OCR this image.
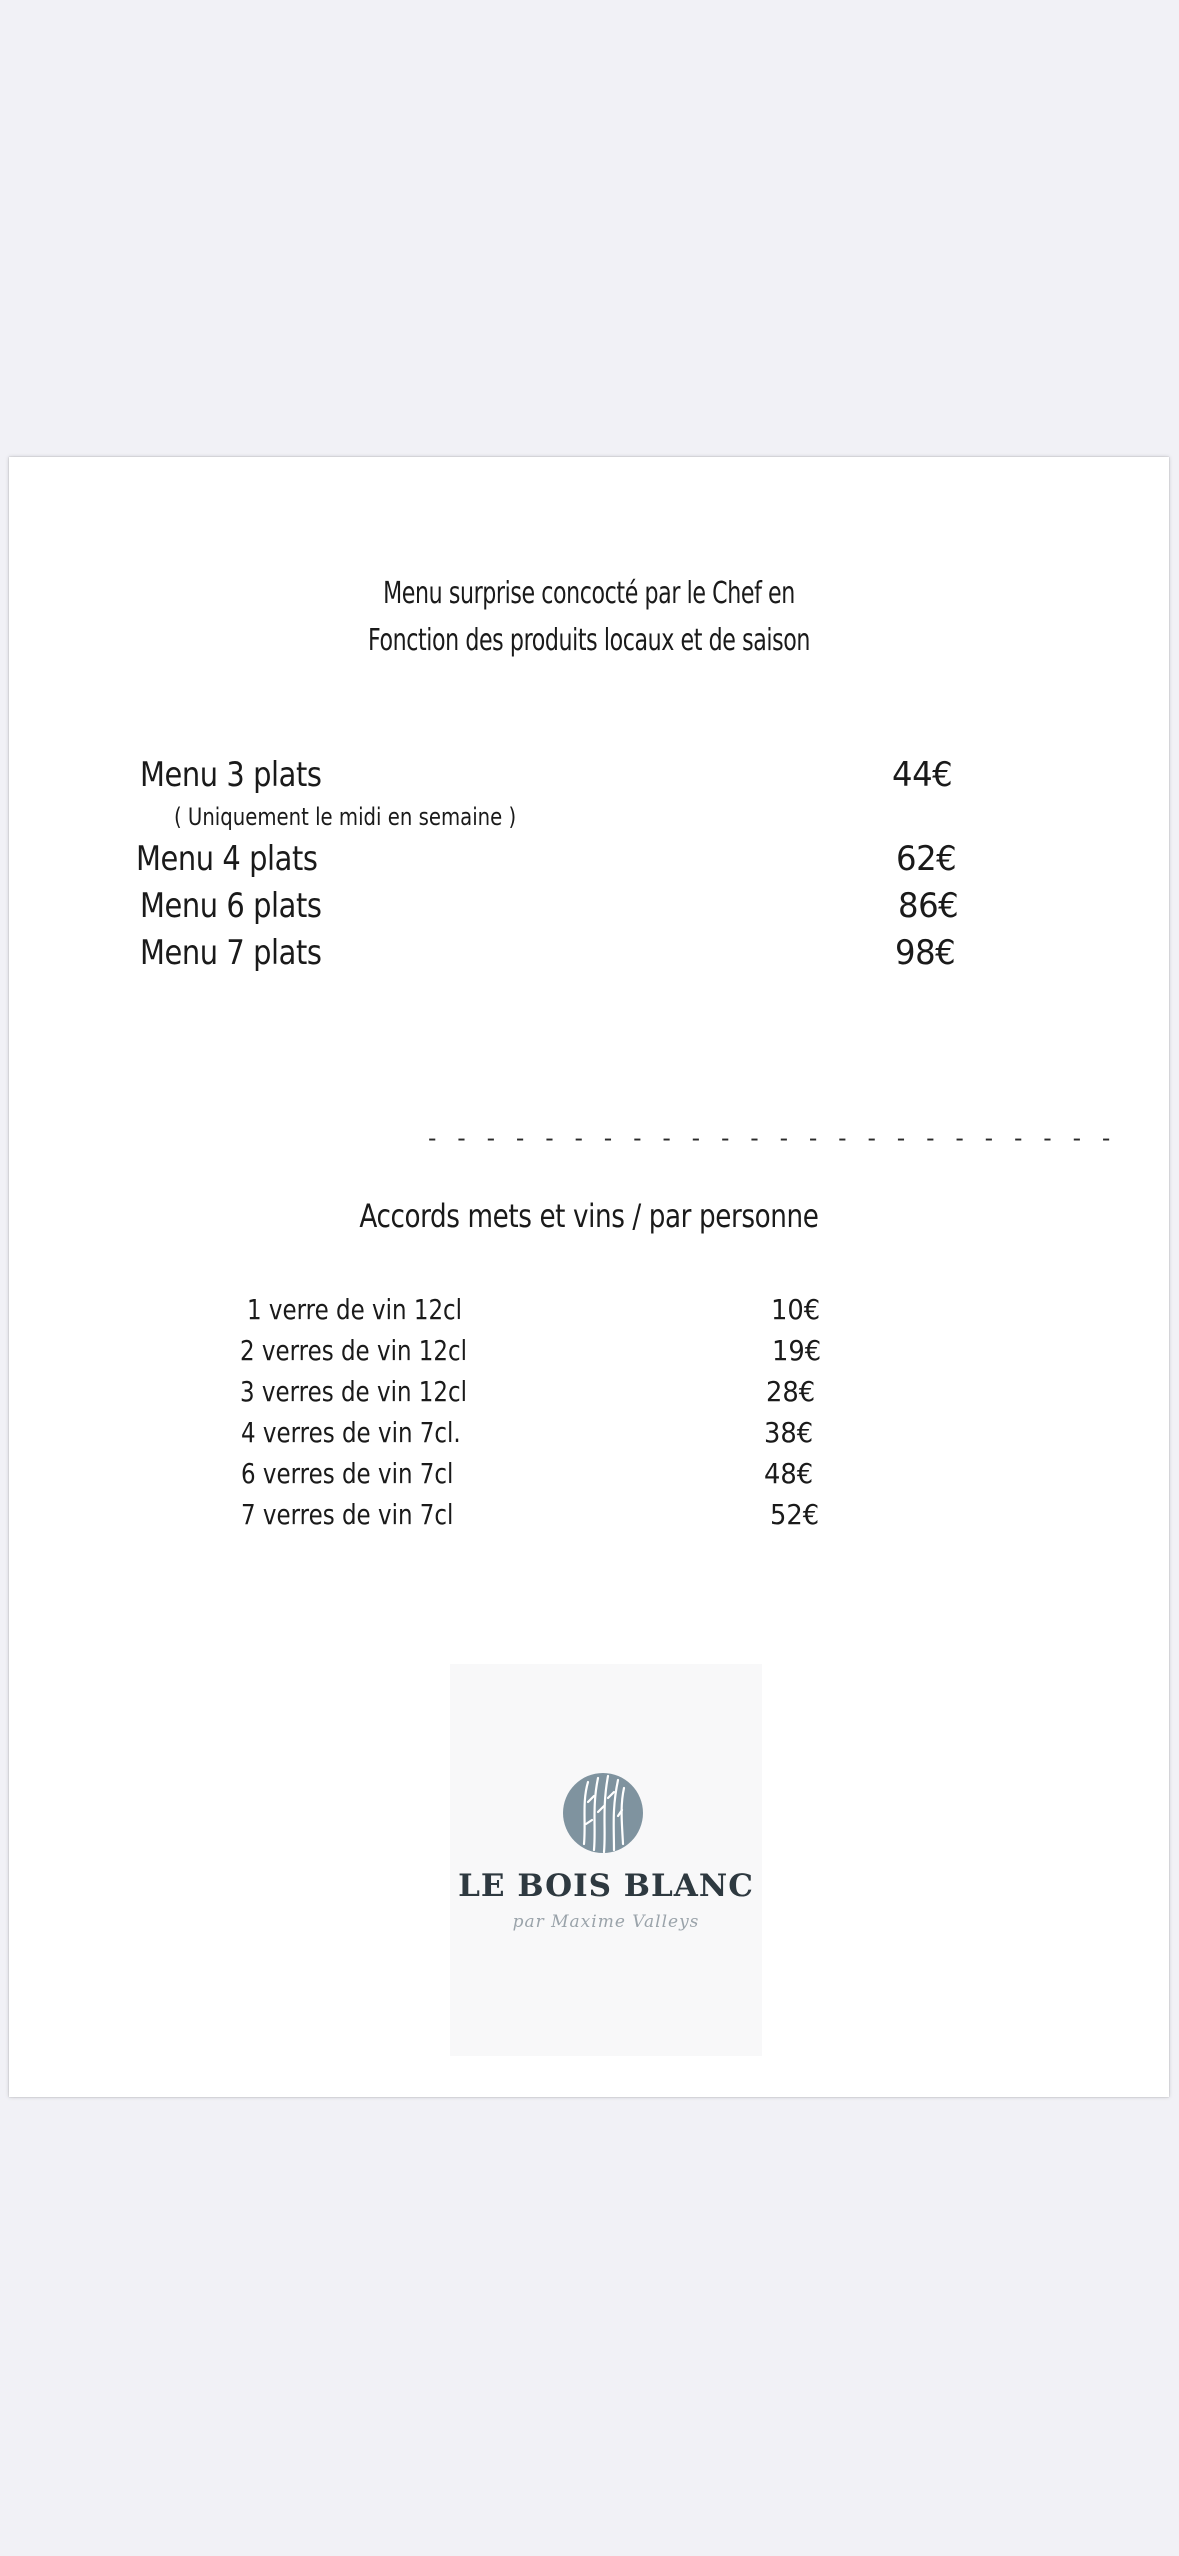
Menu surprise concocté par le Chef en
Fonction des produits locaux et de saison
Menu 3 plats	44€
( Uniquement le midi en semaine )
Menu 4 plats	62€
Menu 6 plats	86€
Menu 7 plats	98€
- - - - - - - - - - - - - - - - - - - - - - - -
Accords mets et vins / par personne
1 verre de vin 12cl	10€
2 verres de vin 12cl	19€
3 verres de vin 12cl	28€
4 verres de vin 7cl.	38€
6 verres de vin 7cl	48€
7 verres de vin 7cl	52€
LE BOIS BLANC
par Maxime Valleys
